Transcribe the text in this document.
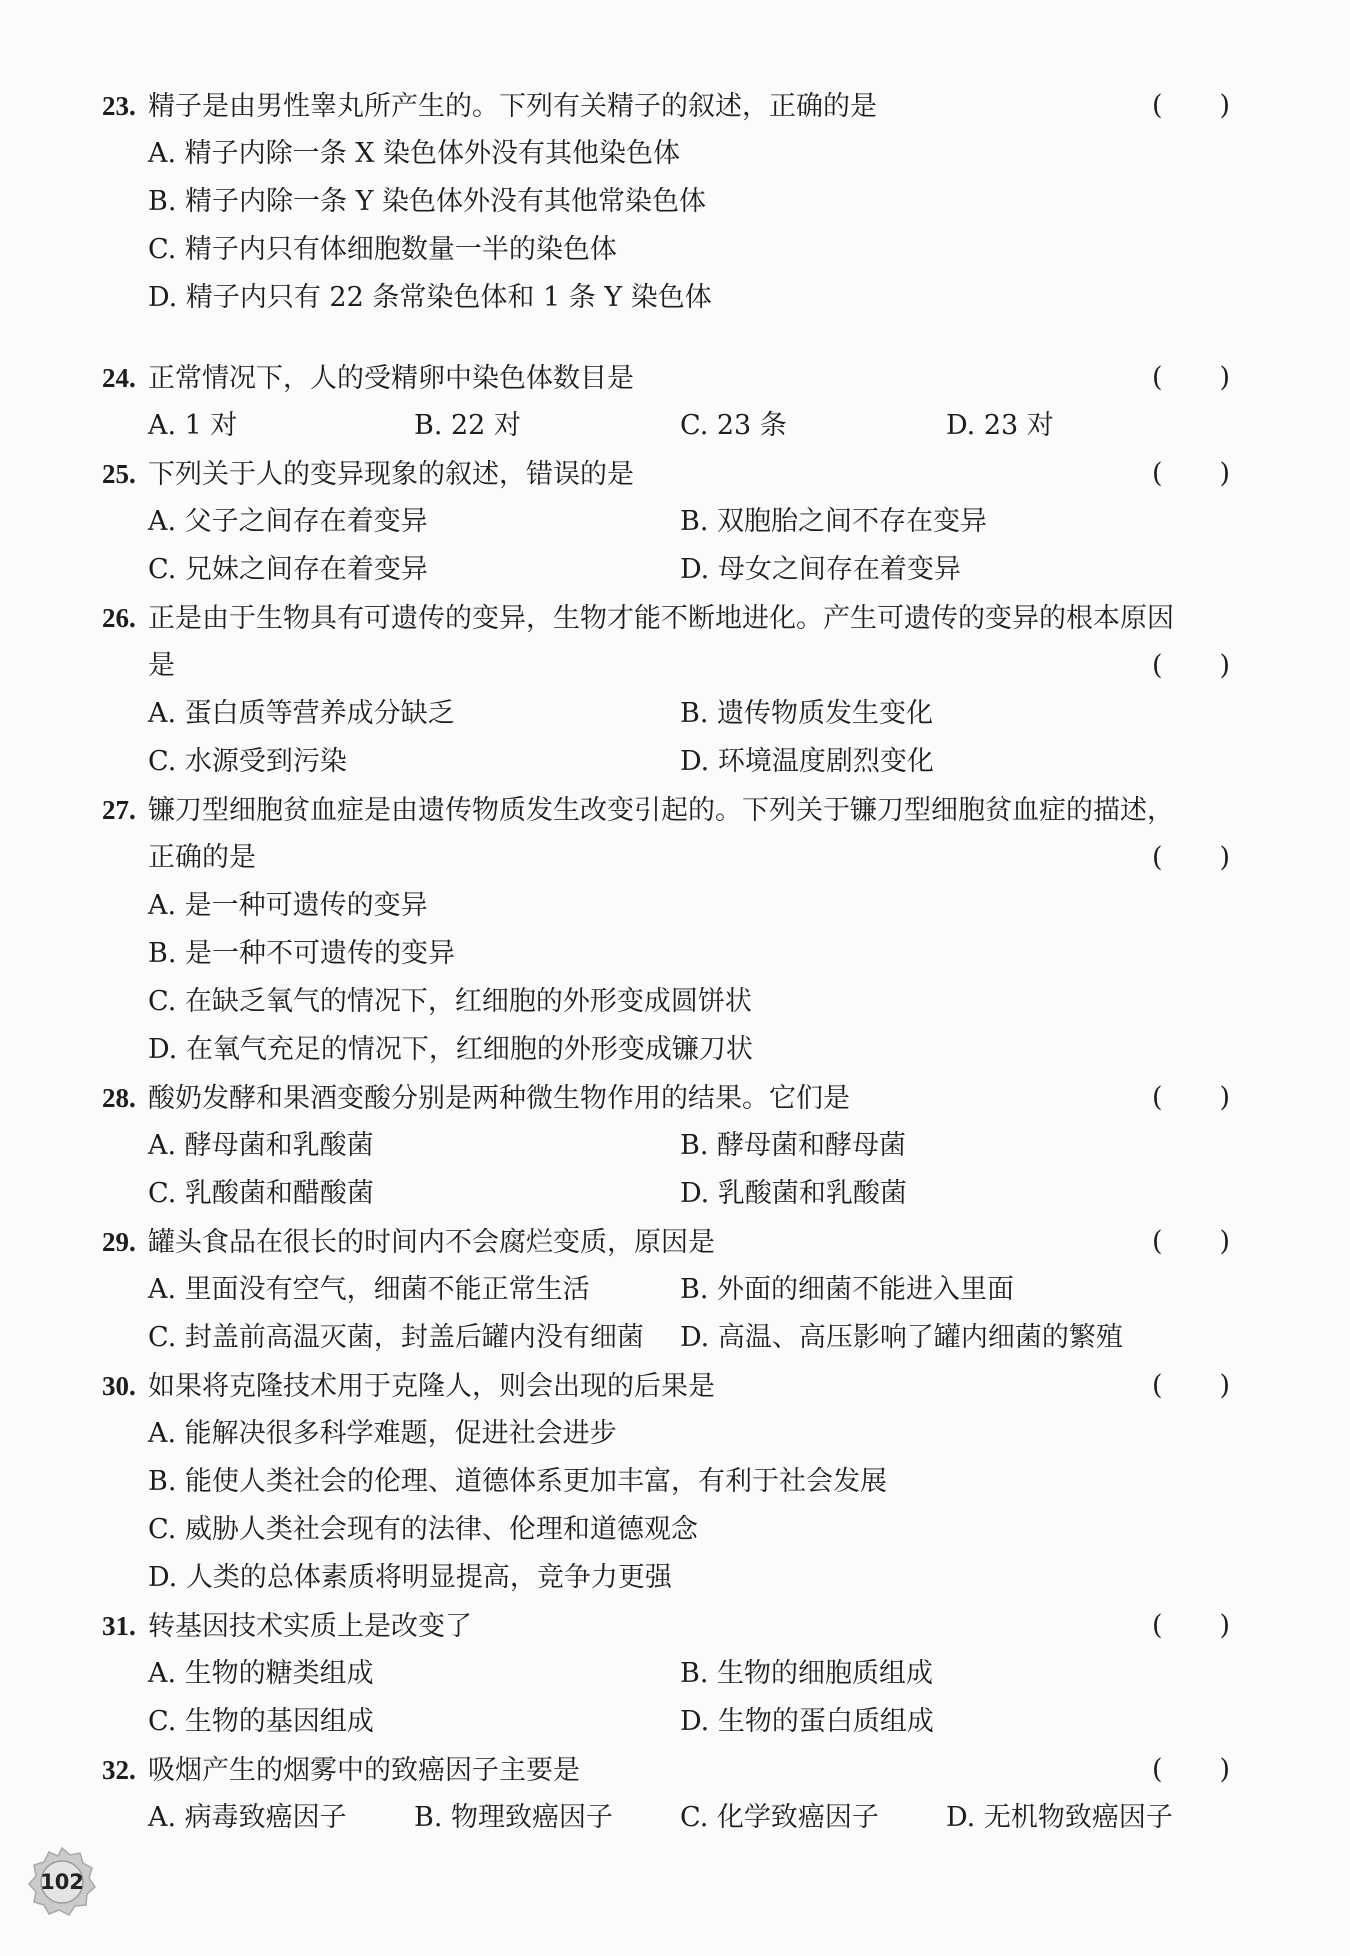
23. 精子是由男性睾丸所产生的。下列有关精子的叙述，正确的是	( )
A. 精子内除一条 X 染色体外没有其他染色体
B. 精子内除一条 Y 染色体外没有其他常染色体
C. 精子内只有体细胞数量一半的染色体
D. 精子内只有 22 条常染色体和 1 条 Y 染色体
24. 正常情况下，人的受精卵中染色体数目是	( )
A. 1 对	B. 22 对	C. 23 条	D. 23 对
25. 下列关于人的变异现象的叙述，错误的是	( )
A. 父子之间存在着变异	B. 双胞胎之间不存在变异
C. 兄妹之间存在着变异	D. 母女之间存在着变异
26. 正是由于生物具有可遗传的变异，生物才能不断地进化。产生可遗传的变异的根本原因
是	( )
A. 蛋白质等营养成分缺乏	B. 遗传物质发生变化
C. 水源受到污染	D. 环境温度剧烈变化
27. 镰刀型细胞贫血症是由遗传物质发生改变引起的。下列关于镰刀型细胞贫血症的描述，
正确的是	( )
A. 是一种可遗传的变异
B. 是一种不可遗传的变异
C. 在缺乏氧气的情况下，红细胞的外形变成圆饼状
D. 在氧气充足的情况下，红细胞的外形变成镰刀状
28. 酸奶发酵和果酒变酸分别是两种微生物作用的结果。它们是	( )
A. 酵母菌和乳酸菌	B. 酵母菌和酵母菌
C. 乳酸菌和醋酸菌	D. 乳酸菌和乳酸菌
29. 罐头食品在很长的时间内不会腐烂变质，原因是	( )
A. 里面没有空气，细菌不能正常生活	B. 外面的细菌不能进入里面
C. 封盖前高温灭菌，封盖后罐内没有细菌	D. 高温、高压影响了罐内细菌的繁殖
30. 如果将克隆技术用于克隆人，则会出现的后果是	( )
A. 能解决很多科学难题，促进社会进步
B. 能使人类社会的伦理、道德体系更加丰富，有利于社会发展
C. 威胁人类社会现有的法律、伦理和道德观念
D. 人类的总体素质将明显提高，竞争力更强
31. 转基因技术实质上是改变了	( )
A. 生物的糖类组成	B. 生物的细胞质组成
C. 生物的基因组成	D. 生物的蛋白质组成
32. 吸烟产生的烟雾中的致癌因子主要是	( )
A. 病毒致癌因子	B. 物理致癌因子	C. 化学致癌因子	D. 无机物致癌因子
102
